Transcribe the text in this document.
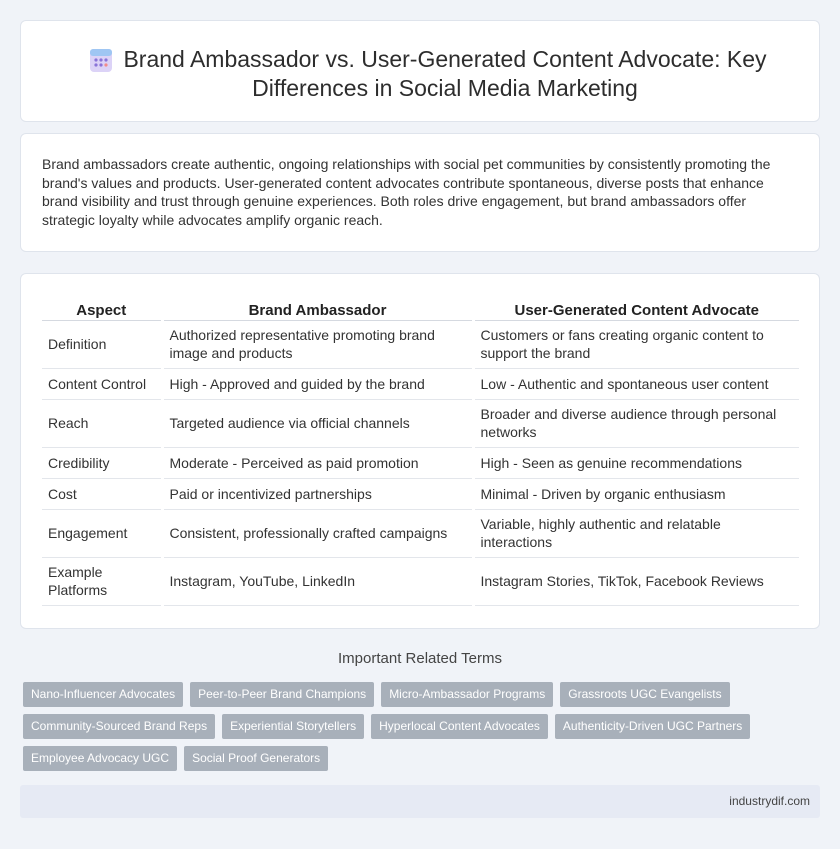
Brand Ambassador vs. User-Generated Content Advocate: Key Differences in Social Media Marketing

Brand ambassadors create authentic, ongoing relationships with social pet communities by consistently promoting the brand's values and products. User-generated content advocates contribute spontaneous, diverse posts that enhance brand visibility and trust through genuine experiences. Both roles drive engagement, but brand ambassadors offer strategic loyalty while advocates amplify organic reach.

Aspect	Brand Ambassador	User-Generated Content Advocate
Definition	Authorized representative promoting brand image and products	Customers or fans creating organic content to support the brand
Content Control	High - Approved and guided by the brand	Low - Authentic and spontaneous user content
Reach	Targeted audience via official channels	Broader and diverse audience through personal networks
Credibility	Moderate - Perceived as paid promotion	High - Seen as genuine recommendations
Cost	Paid or incentivized partnerships	Minimal - Driven by organic enthusiasm
Engagement	Consistent, professionally crafted campaigns	Variable, highly authentic and relatable interactions
Example Platforms	Instagram, YouTube, LinkedIn	Instagram Stories, TikTok, Facebook Reviews
Important Related Terms
Nano-Influencer Advocates	Peer-to-Peer Brand Champions	Micro-Ambassador Programs	Grassroots UGC Evangelists
Community-Sourced Brand Reps	Experiential Storytellers	Hyperlocal Content Advocates	Authenticity-Driven UGC Partners
Employee Advocacy UGC	Social Proof Generators
industrydif.com
